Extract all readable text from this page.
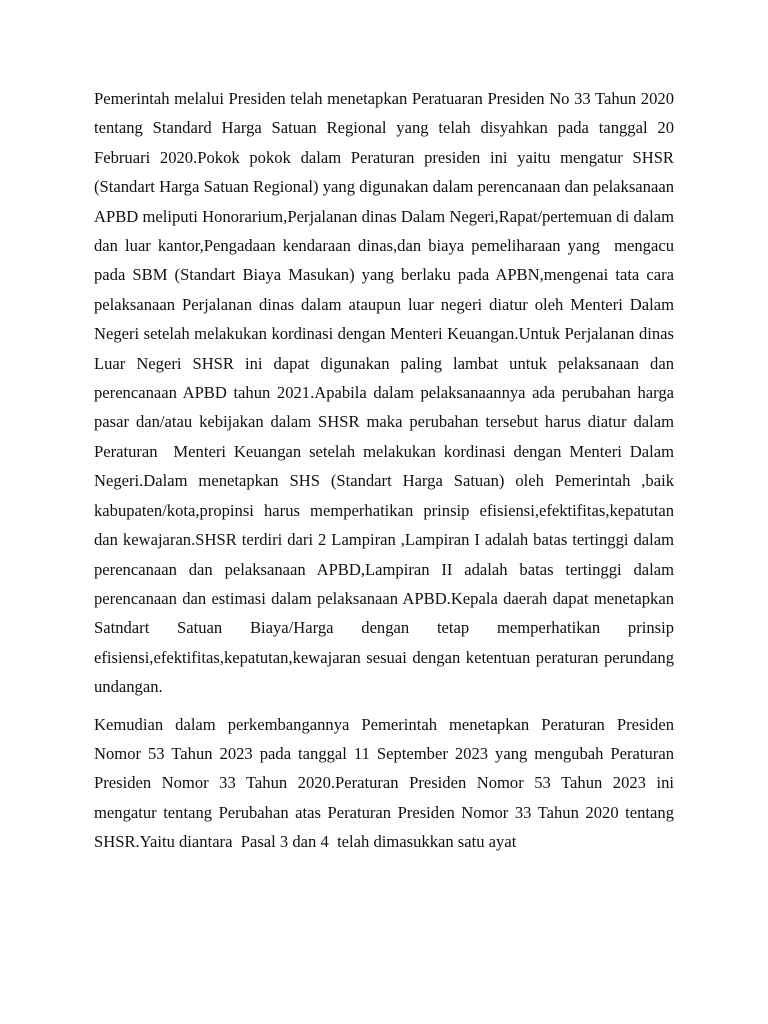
Pemerintah melalui Presiden telah menetapkan Peratuaran Presiden No 33 Tahun 2020  tentang Standard Harga Satuan Regional yang telah disyahkan pada tanggal 20 Februari 2020.Pokok pokok dalam Peraturan presiden ini yaitu mengatur SHSR (Standart Harga Satuan Regional) yang digunakan dalam perencanaan dan pelaksanaan APBD meliputi Honorarium,Perjalanan dinas Dalam Negeri,Rapat/pertemuan di dalam dan luar kantor,Pengadaan kendaraan dinas,dan biaya pemeliharaan yang  mengacu pada SBM (Standart Biaya Masukan) yang berlaku pada APBN,mengenai tata cara pelaksanaan Perjalanan dinas dalam ataupun luar negeri diatur oleh Menteri Dalam Negeri setelah melakukan kordinasi dengan Menteri Keuangan.Untuk Perjalanan dinas Luar Negeri SHSR ini dapat digunakan paling lambat untuk pelaksanaan dan perencanaan APBD tahun 2021.Apabila dalam pelaksanaannya ada perubahan harga pasar dan/atau kebijakan dalam SHSR maka perubahan tersebut harus diatur dalam Peraturan  Menteri Keuangan setelah melakukan kordinasi dengan Menteri Dalam Negeri.Dalam menetapkan SHS (Standart Harga Satuan) oleh Pemerintah ,baik kabupaten/kota,propinsi harus memperhatikan prinsip efisiensi,efektifitas,kepatutan dan kewajaran.SHSR terdiri dari 2 Lampiran ,Lampiran I adalah batas tertinggi dalam perencanaan dan pelaksanaan APBD,Lampiran II adalah batas tertinggi dalam perencanaan dan estimasi dalam pelaksanaan APBD.Kepala daerah dapat menetapkan Satndart Satuan Biaya/Harga dengan tetap memperhatikan prinsip efisiensi,efektifitas,kepatutan,kewajaran sesuai dengan ketentuan peraturan perundang undangan.

Kemudian dalam perkembangannya Pemerintah menetapkan Peraturan Presiden Nomor 53 Tahun 2023 pada tanggal 11 September 2023 yang mengubah Peraturan Presiden Nomor 33 Tahun 2020.Peraturan Presiden Nomor 53 Tahun 2023 ini mengatur tentang Perubahan atas Peraturan Presiden Nomor 33 Tahun 2020 tentang SHSR.Yaitu diantara  Pasal 3 dan 4  telah dimasukkan satu ayat
